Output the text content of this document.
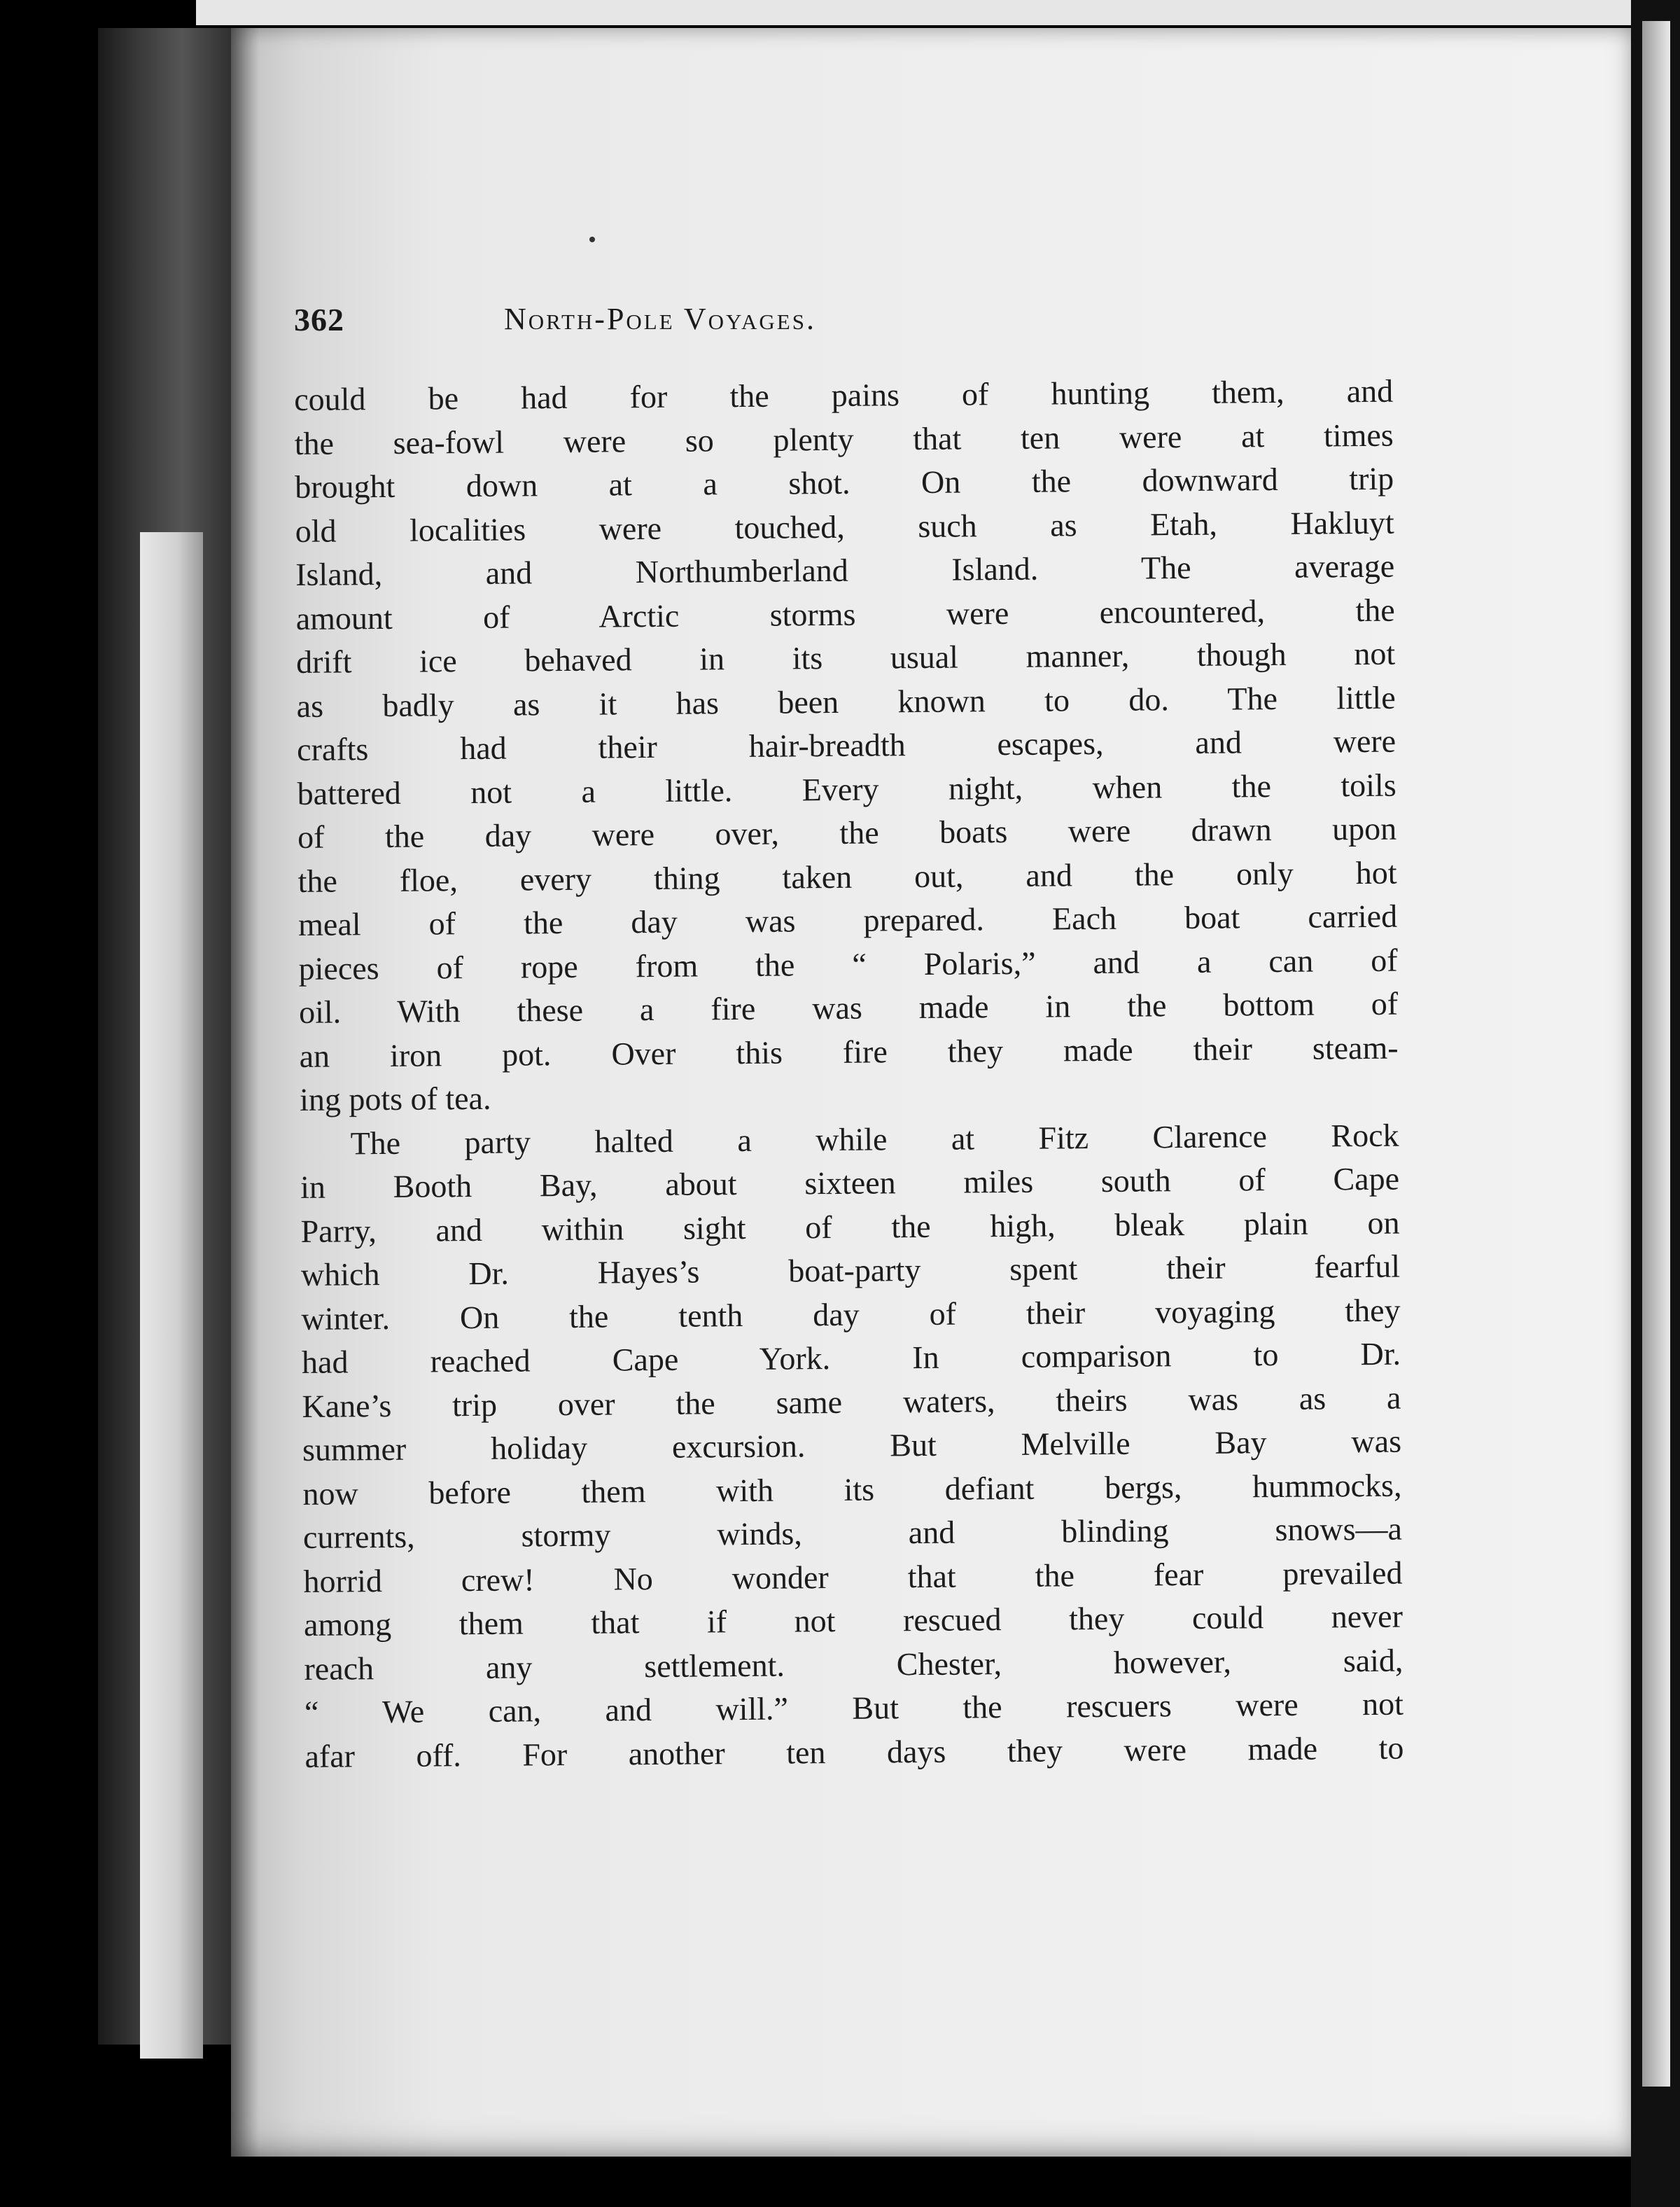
362	North-Pole Voyages.
could be had for the pains of hunting them, and
the sea-fowl were so plenty that ten were at times
brought down at a shot. On the downward trip
old localities were touched, such as Etah, Hakluyt
Island, and Northumberland Island. The average
amount of Arctic storms were encountered, the
drift ice behaved in its usual manner, though not
as badly as it has been known to do. The little
crafts had their hair-breadth escapes, and were
battered not a little. Every night, when the toils
of the day were over, the boats were drawn upon
the floe, every thing taken out, and the only hot
meal of the day was prepared. Each boat carried
pieces of rope from the “ Polaris,” and a can of
oil. With these a fire was made in the bottom of
an iron pot. Over this fire they made their steam-
ing pots of tea.
The party halted a while at Fitz Clarence Rock
in Booth Bay, about sixteen miles south of Cape
Parry, and within sight of the high, bleak plain on
which Dr. Hayes’s boat-party spent their fearful
winter. On the tenth day of their voyaging they
had reached Cape York. In comparison to Dr.
Kane’s trip over the same waters, theirs was as a
summer holiday excursion. But Melville Bay was
now before them with its defiant bergs, hummocks,
currents, stormy winds, and blinding snows—a
horrid crew! No wonder that the fear prevailed
among them that if not rescued they could never
reach any settlement. Chester, however, said,
“ We can, and will.” But the rescuers were not
afar off. For another ten days they were made to
